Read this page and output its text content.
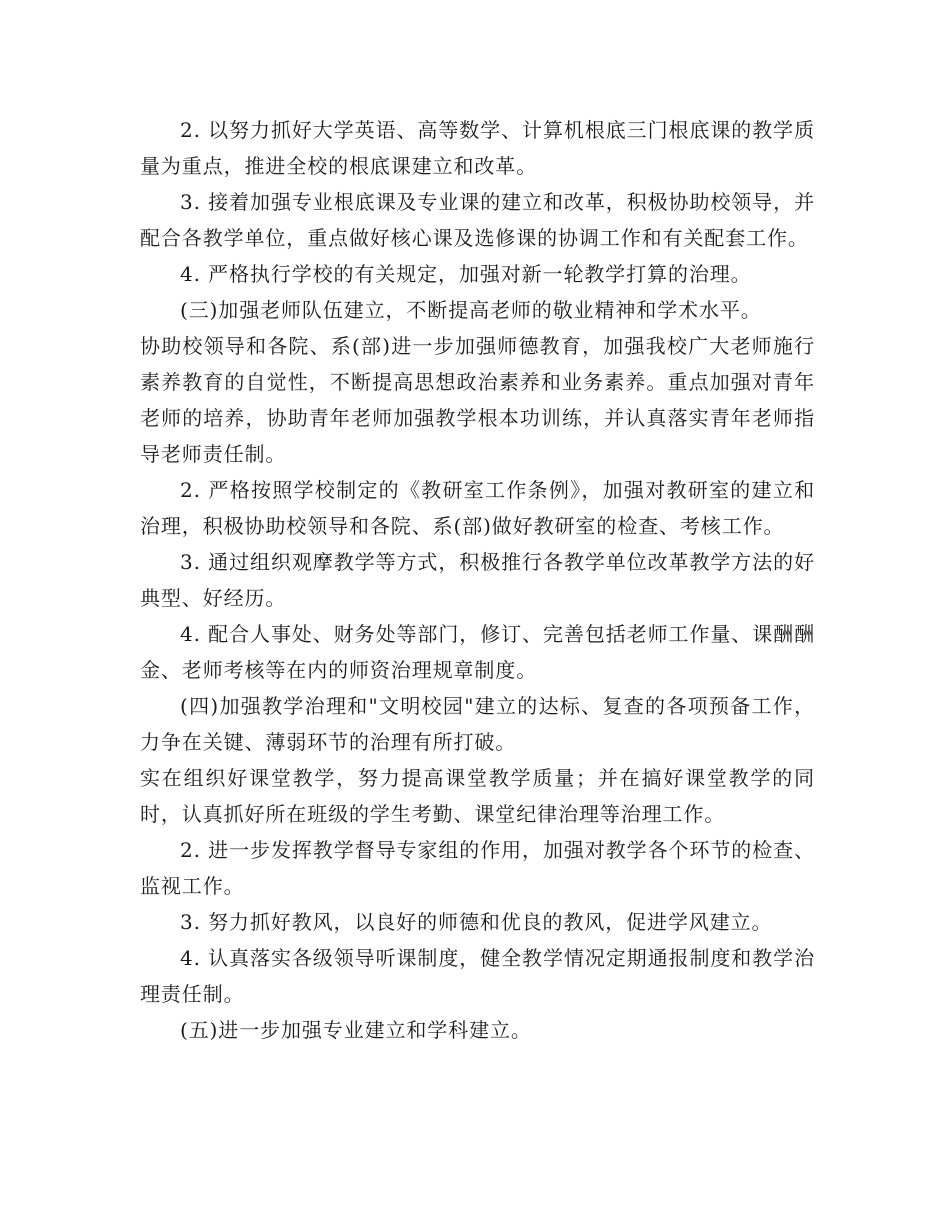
2. 以努力抓好大学英语、高等数学、计算机根底三门根底课的教学质量为重点，推进全校的根底课建立和改革。

3. 接着加强专业根底课及专业课的建立和改革，积极协助校领导，并配合各教学单位，重点做好核心课及选修课的协调工作和有关配套工作。

4. 严格执行学校的有关规定，加强对新一轮教学打算的治理。

(三)加强老师队伍建立，不断提高老师的敬业精神和学术水平。

协助校领导和各院、系(部)进一步加强师德教育，加强我校广大老师施行素养教育的自觉性，不断提高思想政治素养和业务素养。重点加强对青年老师的培养，协助青年老师加强教学根本功训练，并认真落实青年老师指导老师责任制。

2. 严格按照学校制定的《教研室工作条例》，加强对教研室的建立和治理，积极协助校领导和各院、系(部)做好教研室的检查、考核工作。

3. 通过组织观摩教学等方式，积极推行各教学单位改革教学方法的好典型、好经历。

4. 配合人事处、财务处等部门，修订、完善包括老师工作量、课酬酬金、老师考核等在内的师资治理规章制度。

(四)加强教学治理和"文明校园"建立的达标、复查的各项预备工作，力争在关键、薄弱环节的治理有所打破。

实在组织好课堂教学，努力提高课堂教学质量；并在搞好课堂教学的同时，认真抓好所在班级的学生考勤、课堂纪律治理等治理工作。

2. 进一步发挥教学督导专家组的作用，加强对教学各个环节的检查、监视工作。

3. 努力抓好教风，以良好的师德和优良的教风，促进学风建立。

4. 认真落实各级领导听课制度，健全教学情况定期通报制度和教学治理责任制。

(五)进一步加强专业建立和学科建立。
